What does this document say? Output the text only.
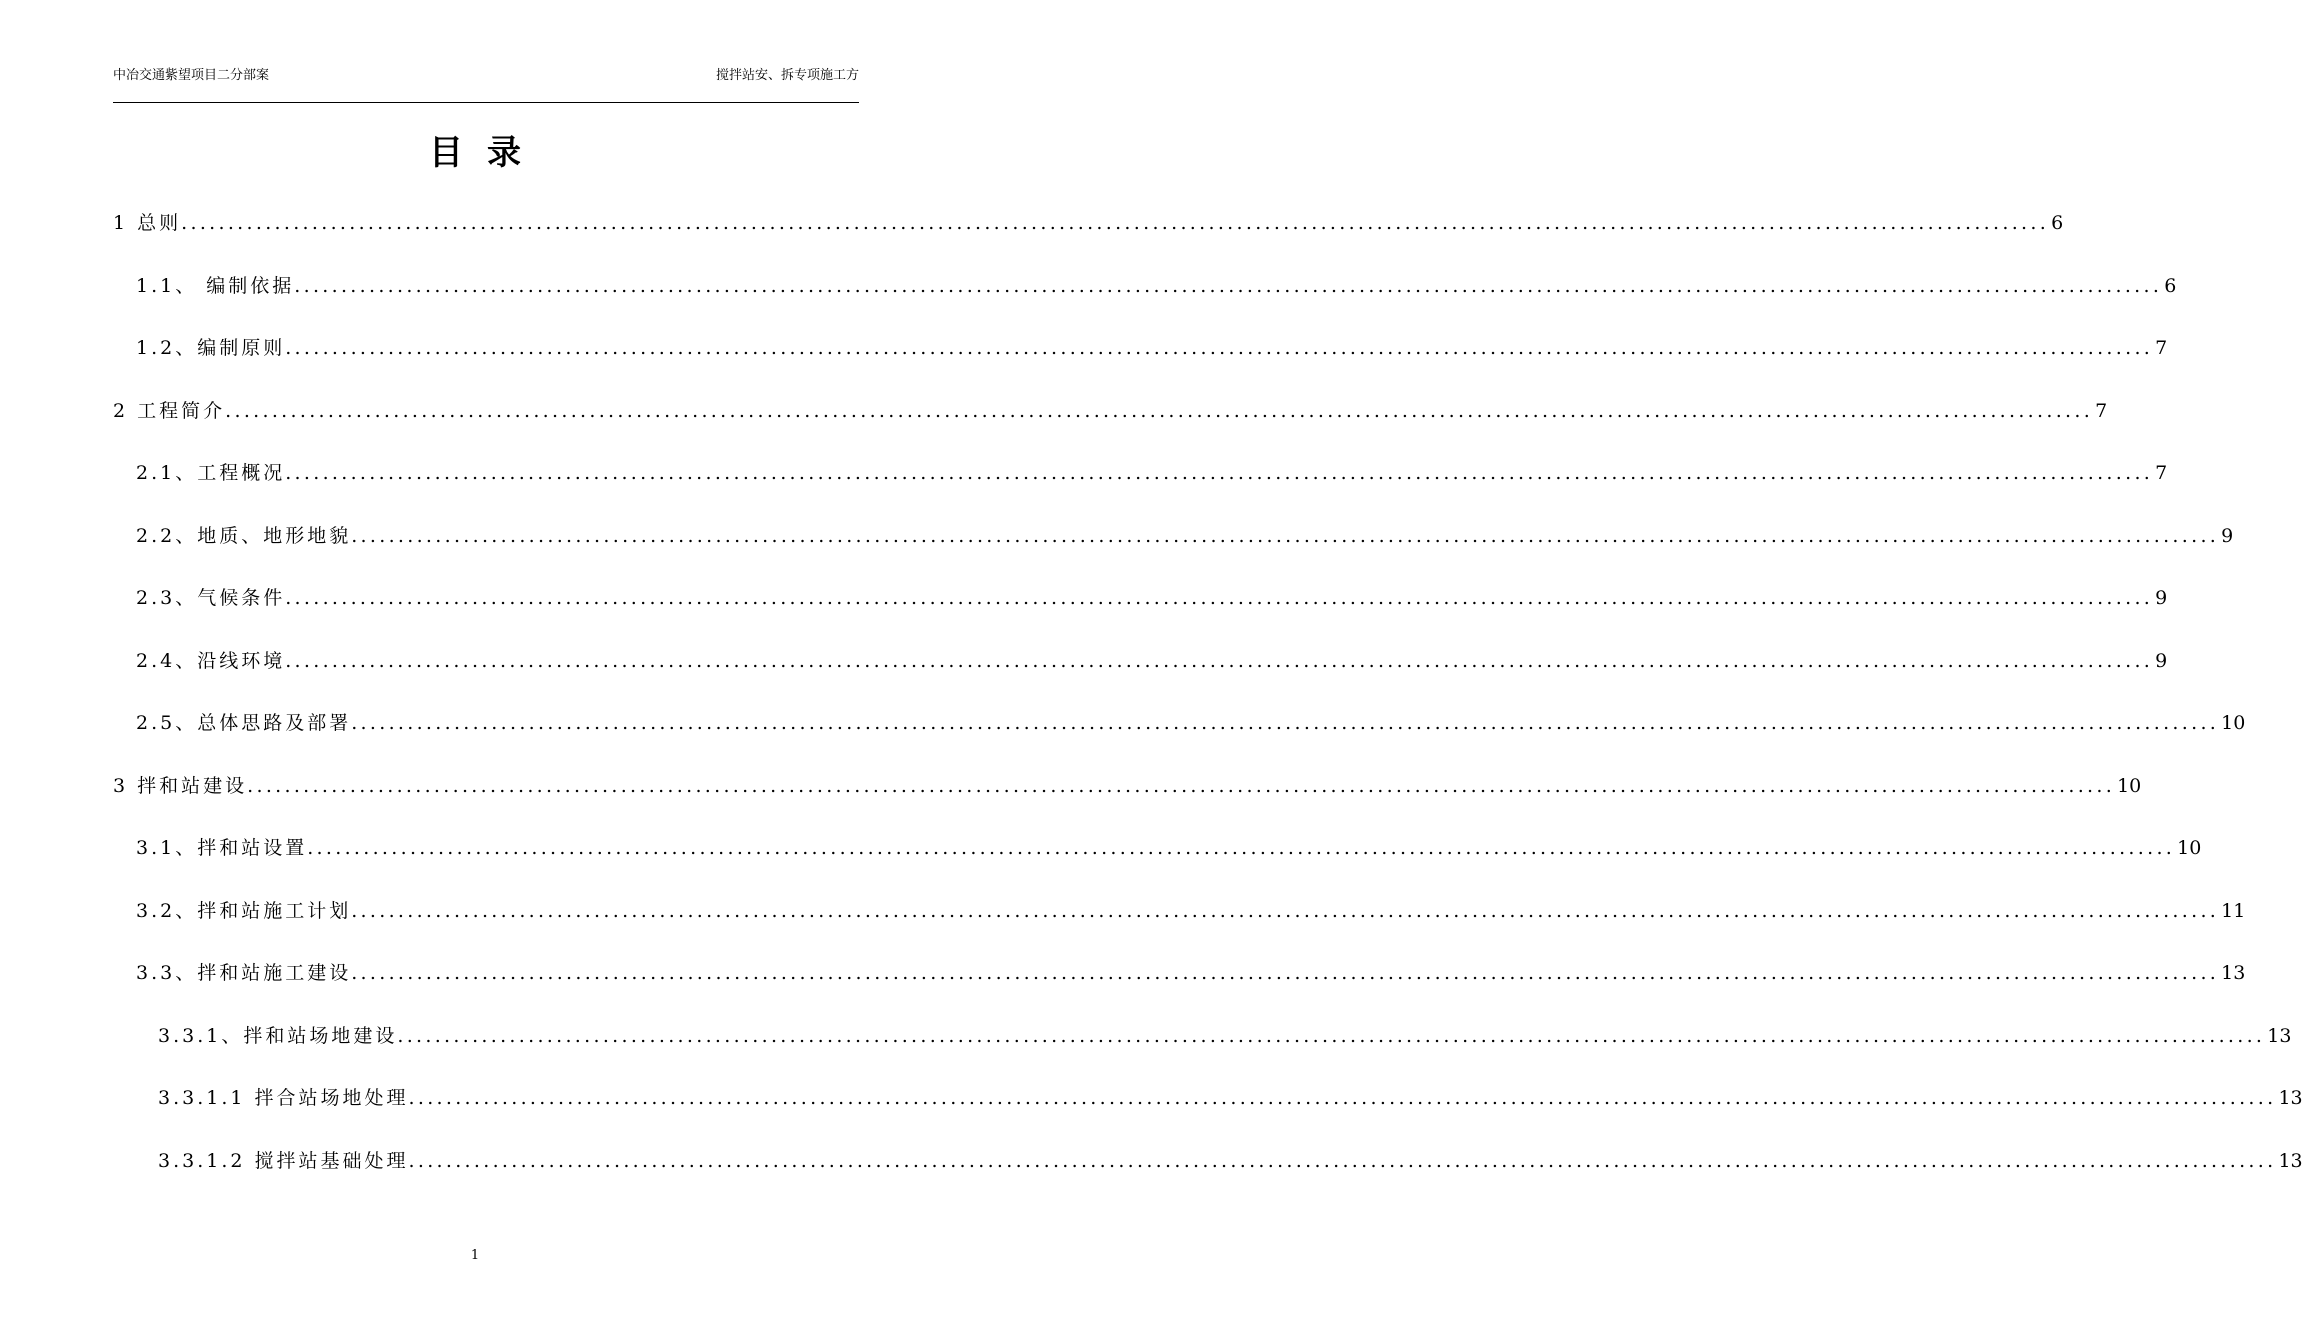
中冶交通紫望项目二分部案	搅拌站安、拆专项施工方
目录
1 总则 ........................................................................................................................................................................................................ 6
1.1、 编制依据 ........................................................................................................................................................................................................ 6
1.2、编制原则 ........................................................................................................................................................................................................ 7
2 工程简介 ........................................................................................................................................................................................................ 7
2.1、工程概况 ........................................................................................................................................................................................................ 7
2.2、地质、地形地貌 ........................................................................................................................................................................................................ 9
2.3、气候条件 ........................................................................................................................................................................................................ 9
2.4、沿线环境 ........................................................................................................................................................................................................ 9
2.5、总体思路及部署 ........................................................................................................................................................................................................ 10
3 拌和站建设 ........................................................................................................................................................................................................ 10
3.1、拌和站设置 ........................................................................................................................................................................................................ 10
3.2、拌和站施工计划 ........................................................................................................................................................................................................ 11
3.3、拌和站施工建设 ........................................................................................................................................................................................................ 13
3.3.1、拌和站场地建设 ........................................................................................................................................................................................................ 13
3.3.1.1 拌合站场地处理 ........................................................................................................................................................................................................ 13
3.3.1.2 搅拌站基础处理 ........................................................................................................................................................................................................ 13
1
